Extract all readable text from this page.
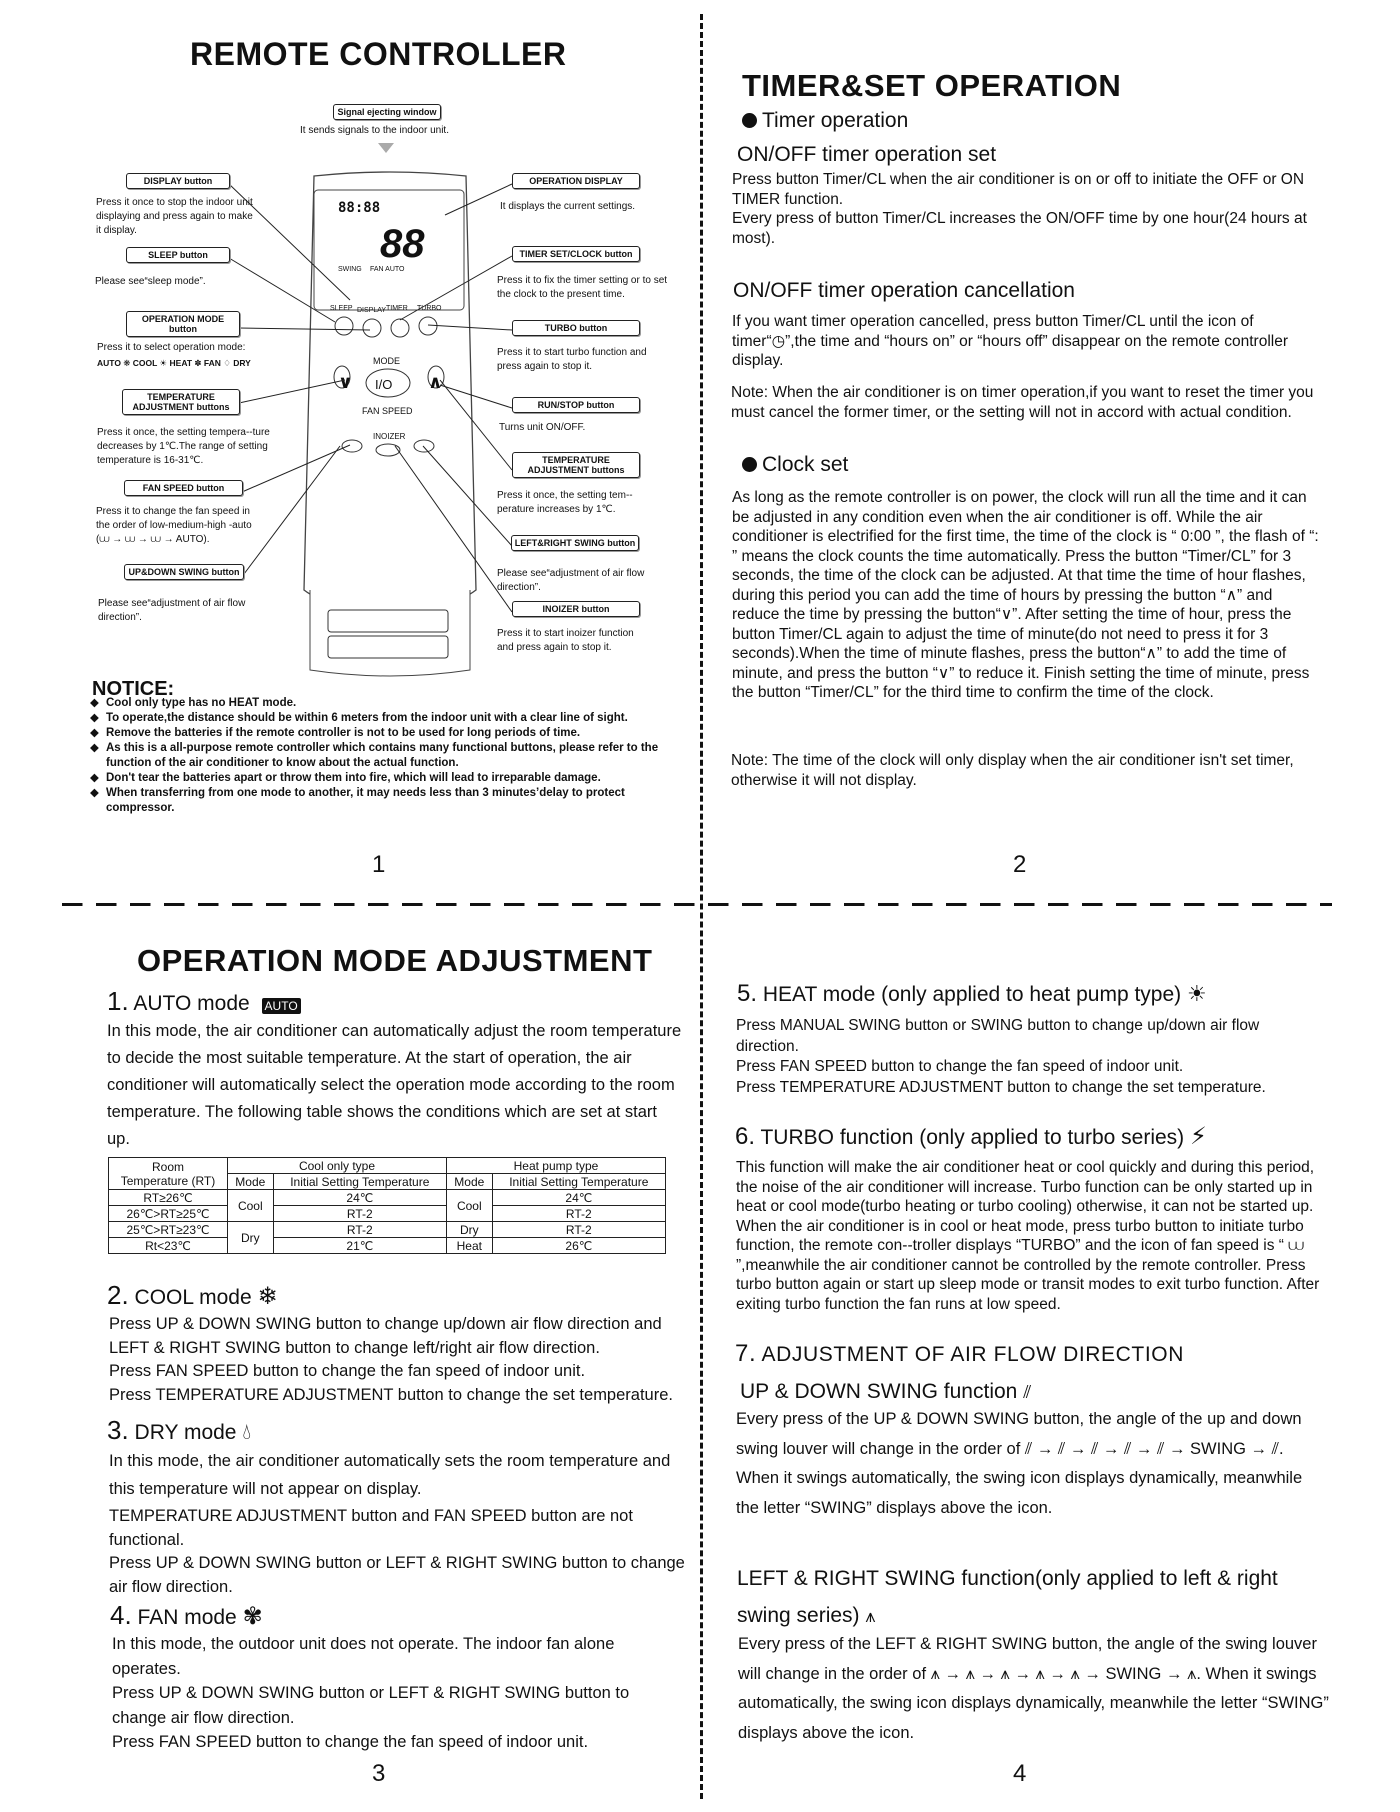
REMOTE CONTROLLER
Signal ejecting window
It sends signals to the indoor unit.
88:88
88
SWING FAN AUTO
SLEEP DISPLAY TIMER TURBO
MODE
I/O
∨	∧
FAN SPEED
INOIZER
DISPLAY button
Press it once to stop the indoor unit displaying and press again to make it display.
SLEEP button
Please see“sleep mode”.
OPERATION MODE button
Press it to select operation mode:
AUTO ❋ COOL ☀ HEAT ✽ FAN ♢ DRY
TEMPERATURE ADJUSTMENT buttons
Press it once, the setting tempera--ture decreases by 1℃.The range of setting temperature is 16-31℃.
FAN SPEED button
Press it to change the fan speed in the order of low-medium-high -auto (⩊ → ⩊ → ⩊ → AUTO).
UP&DOWN SWING button
Please see“adjustment of air flow direction”.
OPERATION DISPLAY
It displays the current settings.
TIMER SET/CLOCK button
Press it to fix the timer setting or to set the clock to the present time.
TURBO button
Press it to start turbo function and press again to stop it.
RUN/STOP button
Turns unit ON/OFF.
TEMPERATURE ADJUSTMENT buttons
Press it once, the setting tem--perature increases by 1℃.
LEFT&RIGHT SWING button
Please see“adjustment of air flow direction”.
INOIZER button
Press it to start inoizer function and press again to stop it.
NOTICE:
◆ Cool only type has no HEAT mode.
◆ To operate,the distance should be within 6 meters from the indoor unit with a clear line of sight.
◆ Remove the batteries if the remote controller is not to be used for long periods of time.
◆ As this is a all-purpose remote controller which contains many functional buttons, please refer to the function of the air conditioner to know about the actual function.
◆ Don't tear the batteries apart or throw them into fire, which will lead to irreparable damage.
◆ When transferring from one mode to another, it may needs less than 3 minutes’delay to protect compressor.
1
TIMER&SET OPERATION
Timer operation
ON/OFF timer operation set
Press button Timer/CL when the air conditioner is on or off to initiate the OFF or ON TIMER function.
Every press of button Timer/CL increases the ON/OFF time by one hour(24 hours at most).
ON/OFF timer operation cancellation
If you want timer operation cancelled, press button Timer/CL until the icon of timer“◷”,the time and “hours on” or “hours off” disappear on the remote controller display.
Note: When the air conditioner is on timer operation,if you want to reset the timer you must cancel the former timer, or the setting will not in accord with actual condition.
Clock set
As long as the remote controller is on power, the clock will run all the time and it can be adjusted in any condition even when the air conditioner is off. While the air conditioner is electrified for the first time, the time of the clock is “ 0:00 ”, the flash of “: ” means the clock counts the time automatically. Press the button “Timer/CL” for 3 seconds, the time of the clock can be adjusted. At that time the time of hour flashes, during this period you can add the time of hours by pressing the button “∧” and reduce the time by pressing the button“∨”. After setting the time of hour, press the button Timer/CL again to adjust the time of minute(do not need to press it for 3 seconds).When the time of minute flashes, press the button“∧” to add the time of minute, and press the button “∨” to reduce it. Finish setting the time of minute, press the button “Timer/CL” for the third time to confirm the time of the clock.
Note: The time of the clock will only display when the air conditioner isn't set timer, otherwise it will not display.
2
OPERATION MODE ADJUSTMENT
1. AUTO mode AUTO
In this mode, the air conditioner can automatically adjust the room temperature to decide the most suitable temperature. At the start of operation, the air conditioner will automatically select the operation mode according to the room temperature. The following table shows the conditions which are set at start up.
Room
Temperature (RT)	Cool only type		Heat pump type	
	Mode	Initial Setting Temperature	Mode	Initial Setting Temperature
RT≥26℃	Cool	24℃	Cool	24℃
26℃>RT≥25℃		RT-2		RT-2
25℃>RT≥23℃	Dry	RT-2	Dry	RT-2
Rt<23℃		21℃	Heat	26℃
2. COOL mode ❄
Press UP & DOWN SWING button to change up/down air flow direction and LEFT & RIGHT SWING button to change left/right air flow direction.
Press FAN SPEED button to change the fan speed of indoor unit.
Press TEMPERATURE ADJUSTMENT button to change the set temperature.
3. DRY mode 💧︎
In this mode, the air conditioner automatically sets the room temperature and this temperature will not appear on display.
TEMPERATURE ADJUSTMENT button and FAN SPEED button are not functional.
Press UP & DOWN SWING button or LEFT & RIGHT SWING button to change air flow direction.
4. FAN mode ✾
In this mode, the outdoor unit does not operate. The indoor fan alone operates.
Press UP & DOWN SWING button or LEFT & RIGHT SWING button to change air flow direction.
Press FAN SPEED button to change the fan speed of indoor unit.
3
5. HEAT mode (only applied to heat pump type) ☀
Press MANUAL SWING button or SWING button to change up/down air flow direction.
Press FAN SPEED button to change the fan speed of indoor unit.
Press TEMPERATURE ADJUSTMENT button to change the set temperature.
6. TURBO function (only applied to turbo series) ⚡︎
This function will make the air conditioner heat or cool quickly and during this period, the noise of the air conditioner will increase. Turbo function can be only started up in heat or cool mode(turbo heating or turbo cooling) otherwise, it can not be started up. When the air conditioner is in cool or heat mode, press turbo button to initiate turbo function, the remote con--troller displays “TURBO” and the icon of fan speed is “ ⩊ ”,meanwhile the air conditioner cannot be controlled by the remote controller. Press turbo button again or start up sleep mode or transit modes to exit turbo function. After exiting turbo function the fan runs at low speed.
7. ADJUSTMENT OF AIR FLOW DIRECTION
UP & DOWN SWING function ⫽
Every press of the UP & DOWN SWING button, the angle of the up and down swing louver will change in the order of ⫽ → ⫽ → ⫽ → ⫽ → ⫽ → SWING → ⫽. When it swings automatically, the swing icon displays dynamically, meanwhile the letter “SWING” displays above the icon.
LEFT & RIGHT SWING function(only applied to left & right swing series) ⩚
Every press of the LEFT & RIGHT SWING button, the angle of the swing louver will change in the order of ⩚ → ⩚ → ⩚ → ⩚ → ⩚ → SWING → ⩚. When it swings automatically, the swing icon displays dynamically, meanwhile the letter “SWING” displays above the icon.
4
